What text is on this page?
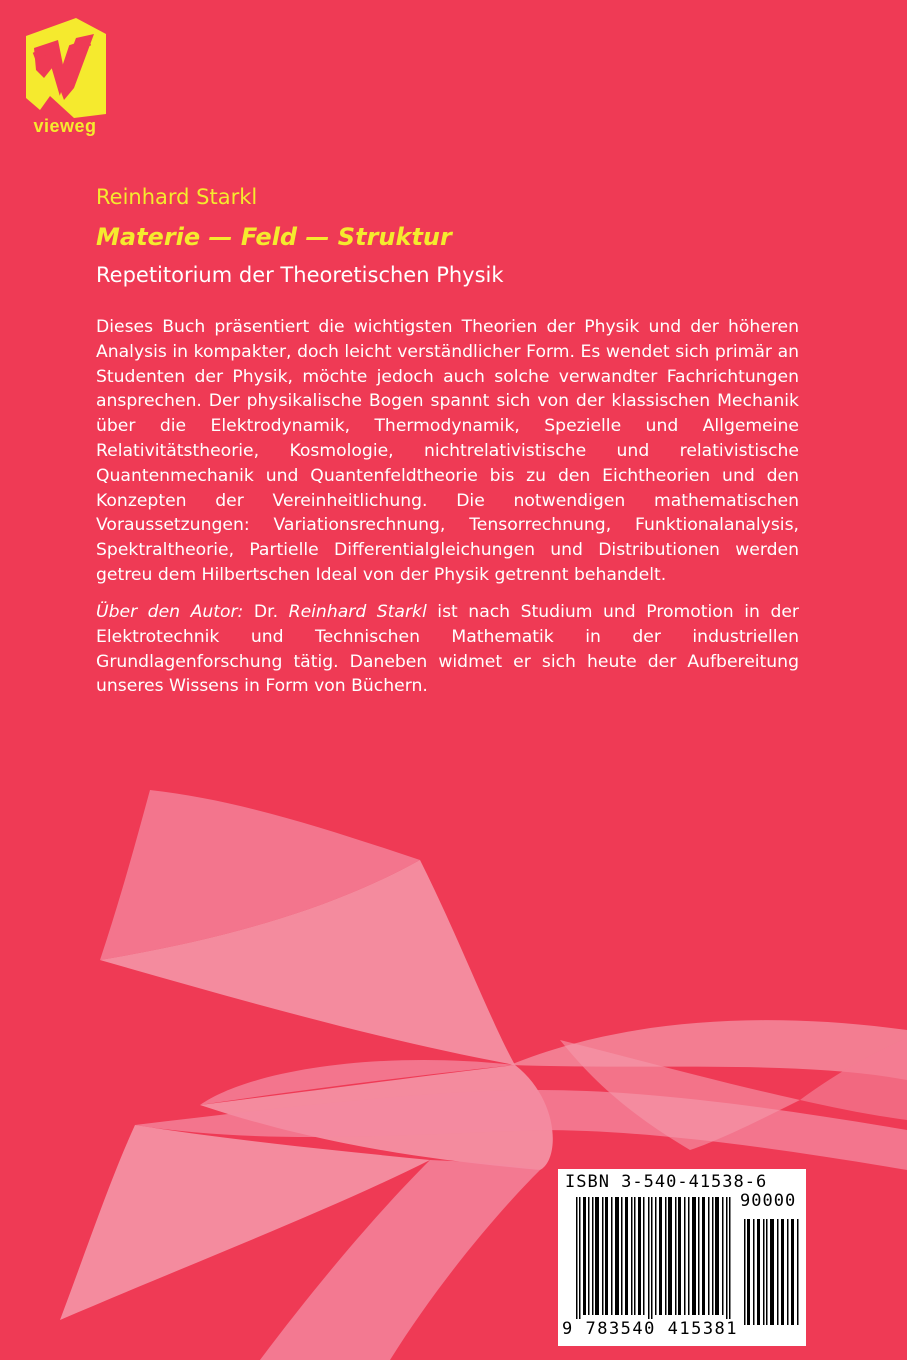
vieweg
Reinhard Starkl
Materie — Feld — Struktur
Repetitorium der Theoretischen Physik

Dieses Buch präsentiert die wichtigsten Theorien der Physik und der höheren Analysis in kompakter, doch leicht verständlicher Form. Es wendet sich primär an Studenten der Physik, möchte jedoch auch solche verwandter Fachrichtungen ansprechen. Der physikalische Bogen spannt sich von der klassischen Mechanik über die Elektrodynamik, Thermodynamik, Spezielle und Allgemeine Relativitätstheorie, Kosmologie, nichtrelativistische und relativistische Quantenmechanik und Quantenfeldtheorie bis zu den Eichtheorien und den Konzepten der Vereinheitlichung. Die notwendigen mathematischen Voraussetzungen: Variationsrechnung, Tensorrechnung, Funktionalanalysis, Spektraltheorie, Partielle Differentialgleichungen und Distributionen werden getreu dem Hilbertschen Ideal von der Physik getrennt behandelt.

Über den Autor: Dr. Reinhard Starkl ist nach Studium und Promotion in der Elektrotechnik und Technischen Mathematik in der industriellen Grundlagenforschung tätig. Daneben widmet er sich heute der Aufbereitung unseres Wissens in Form von Büchern.

ISBN 3-540-41538-6
90000
9 783540 415381
